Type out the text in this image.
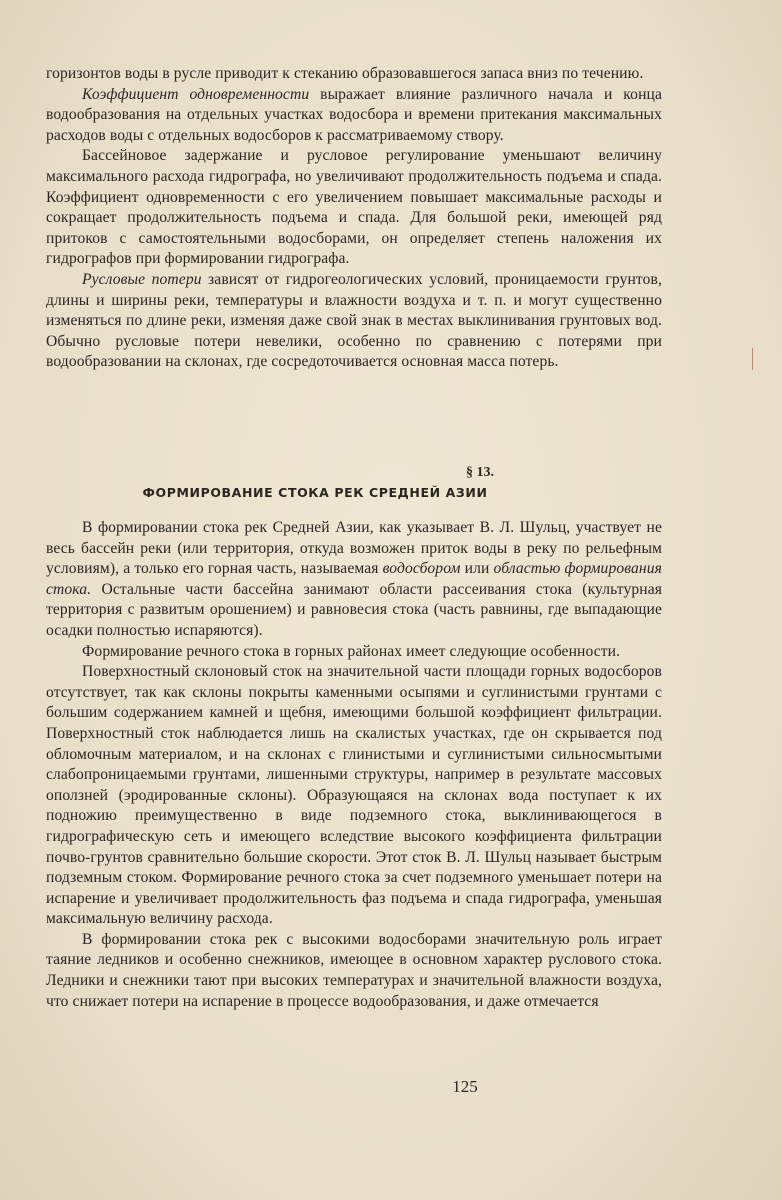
горизонтов воды в русле приводит к стеканию образовавшегося запаса вниз по течению.

Коэффициент одновременности выражает влияние различного начала и конца водообразования на отдельных участках водосбора и времени притекания максимальных расходов воды с отдельных водосборов к рассматриваемому створу.

Бассейновое задержание и русловое регулирование уменьшают величину максимального расхода гидрографа, но увеличивают продолжительность подъема и спада. Коэффициент одновременности с его увеличением повышает максимальные расходы и сокращает продолжительность подъема и спада. Для большой реки, имеющей ряд притоков с самостоятельными водосборами, он определяет степень наложения их гидрографов при формировании гидрографа.

Русловые потери зависят от гидрогеологических условий, проницаемости грунтов, длины и ширины реки, температуры и влажности воздуха и т. п. и могут существенно изменяться по длине реки, изменяя даже свой знак в местах выклинивания грунтовых вод. Обычно русловые потери невелики, особенно по сравнению с потерями при водообразовании на склонах, где сосредоточивается основная масса потерь.

§ 13.
ФОРМИРОВАНИЕ СТОКА РЕК СРЕДНЕЙ АЗИИ

В формировании стока рек Средней Азии, как указывает В. Л. Шульц, участвует не весь бассейн реки (или территория, откуда возможен приток воды в реку по рельефным условиям), а только его горная часть, называемая водосбором или областью формирования стока. Остальные части бассейна занимают области рассеивания стока (культурная территория с развитым орошением) и равновесия стока (часть равнины, где выпадающие осадки полностью испаряются).

Формирование речного стока в горных районах имеет следующие особенности.

Поверхностный склоновый сток на значительной части площади горных водосборов отсутствует, так как склоны покрыты каменными осыпями и суглинистыми грунтами с большим содержанием камней и щебня, имеющими большой коэффициент фильтрации. Поверхностный сток наблюдается лишь на скалистых участках, где он скрывается под обломочным материалом, и на склонах с глинистыми и суглинистыми сильносмытыми слабопроницаемыми грунтами, лишенными структуры, например в результате массовых оползней (эродированные склоны). Образующаяся на склонах вода поступает к их подножию преимущественно в виде подземного стока, выклинивающегося в гидрографическую сеть и имеющего вследствие высокого коэффициента фильтрации почво-грунтов сравнительно большие скорости. Этот сток В. Л. Шульц называет быстрым подземным стоком. Формирование речного стока за счет подземного уменьшает потери на испарение и увеличивает продолжительность фаз подъема и спада гидрографа, уменьшая максимальную величину расхода.

В формировании стока рек с высокими водосборами значительную роль играет таяние ледников и особенно снежников, имеющее в основном характер руслового стока. Ледники и снежники тают при высоких температурах и значительной влажности воздуха, что снижает потери на испарение в процессе водообразования, и даже отмечается

125
